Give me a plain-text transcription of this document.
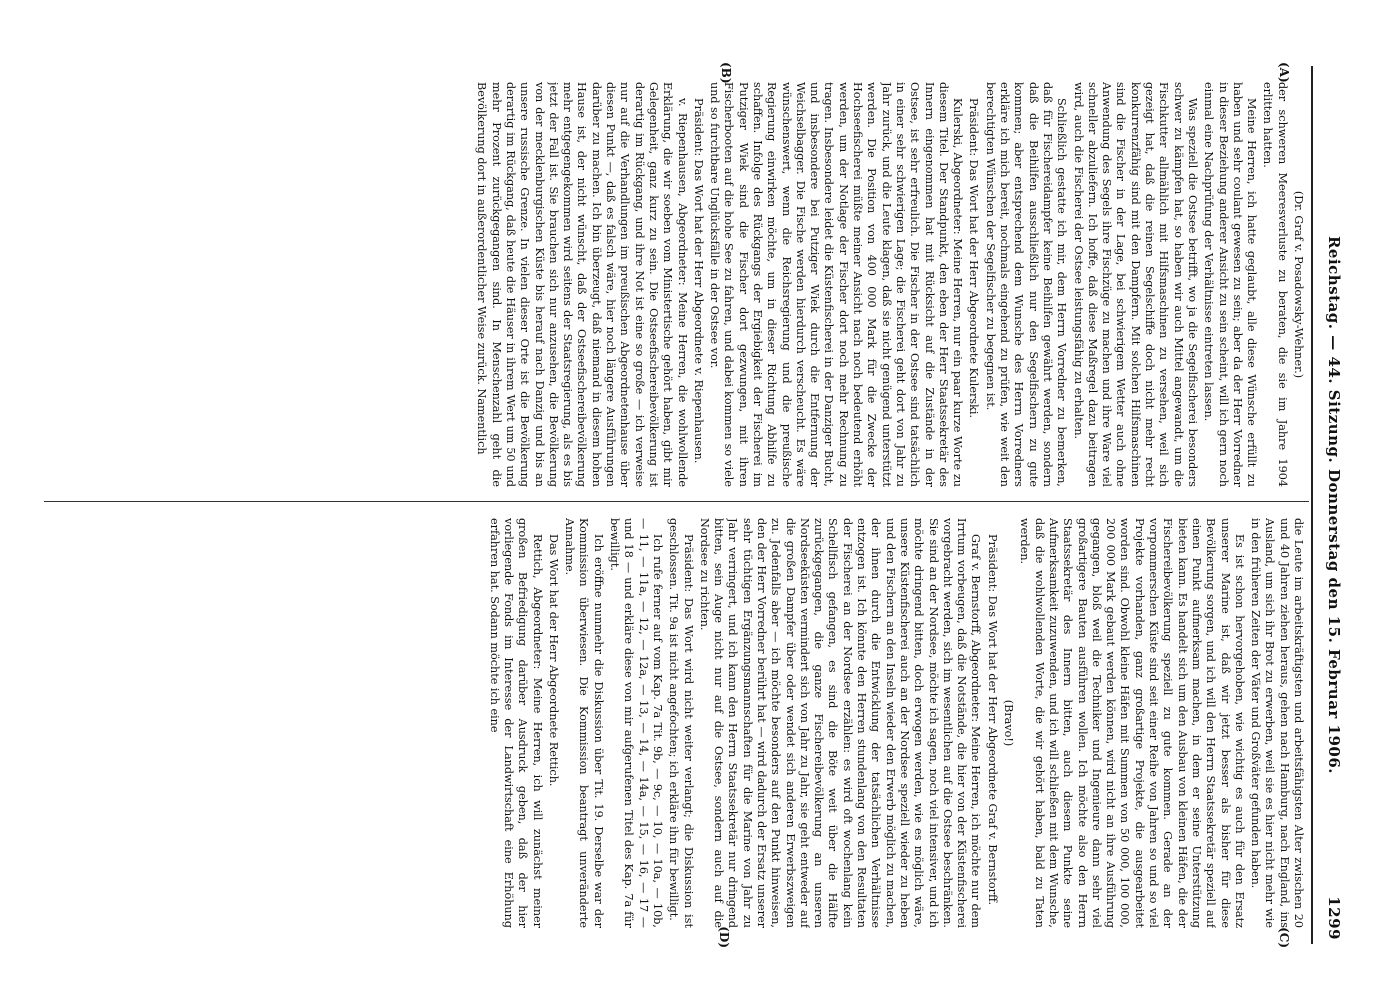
Reichstag. — 44. Sitzung. Donnerstag den 15. Februar 1906.
1299
(A)
(B)
(C)
(D)

(Dr. Graf v. Posadowsky-Wehner.)

der schweren Meeresverluste zu beraten, die sie im Jahre 1904 erlitten hatten.

Meine Herren, ich hatte geglaubt, alle diese Wünsche erfüllt zu haben und sehr coulant gewesen zu sein; aber da der Herr Vorredner in dieser Beziehung anderer Ansicht zu sein scheint, will ich gern noch einmal eine Nachprüfung der Verhältnisse eintreten lassen.

Was speziell die Ostsee betrifft, wo ja die Segelfischerei besonders schwer zu kämpfen hat, so haben wir auch Mittel angewandt, um die Fischkutter allmählich mit Hilfsmaschinen zu versehen, weil sich gezeigt hat, daß die reinen Segelschiffe doch nicht mehr recht konkurrenzfähig sind mit den Dampfern. Mit solchen Hilfsmaschinen sind die Fischer in der Lage, bei schwierigem Wetter auch ohne Anwendung des Segels ihre Fischzüge zu machen und ihre Ware viel schneller abzuliefern. Ich hoffe, daß diese Maßregel dazu beitragen wird, auch die Fischerei der Ostsee leistungsfähig zu erhalten.

Schließlich gestatte ich mir, dem Herrn Vorredner zu bemerken, daß für Fischereidampfer keine Beihilfen gewährt werden, sondern daß die Beihilfen ausschließlich nur den Segelfischern zu gute kommen; aber entsprechend dem Wunsche des Herrn Vorredners erkläre ich mich bereit, nochmals eingehend zu prüfen, wie weit den berechtigten Wünschen der Segelfischer zu begegnen ist.

Präsident: Das Wort hat der Herr Abgeordnete Kulerski.

Kulerski, Abgeordneter: Meine Herren, nur ein paar kurze Worte zu diesem Titel. Der Standpunkt, den eben der Herr Staatssekretär des Innern eingenommen hat mit Rücksicht auf die Zustände in der Ostsee, ist sehr erfreulich. Die Fischer in der Ostsee sind tatsächlich in einer sehr schwierigen Lage; die Fischerei geht dort von Jahr zu Jahr zurück, und die Leute klagen, daß sie nicht genügend unterstützt werden. Die Position von 400 000 Mark für die Zwecke der Hochseefischerei müßte meiner Ansicht nach noch bedeutend erhöht werden, um der Notlage der Fischer dort noch mehr Rechnung zu tragen. Insbesondere leidet die Küstenfischerei in der Danziger Bucht, und insbesondere bei Putziger Wiek durch die Entfernung der Weichselbagger. Die Fische werden hierdurch verscheucht. Es wäre wünschenswert, wenn die Reichsregierung und die preußische Regierung einwirken möchte, um in dieser Richtung Abhilfe zu schaffen. Infolge des Rückgangs der Ergiebigkeit der Fischerei im Putziger Wiek sind die Fischer dort gezwungen, mit ihren Fischerbooten auf die hohe See zu fahren, und dabei kommen so viele und so furchtbare Unglücksfälle in der Ostsee vor.

Präsident: Das Wort hat der Herr Abgeordnete v. Riepenhausen.

v. Riepenhausen, Abgeordneter: Meine Herren, die wohlwollende Erklärung, die wir soeben vom Ministertische gehört haben, gibt mir Gelegenheit, ganz kurz zu sein. Die Ostseefischereibevölkerung ist derartig im Rückgang, und ihre Not ist eine so große — ich verweise nur auf die Verhandlungen im preußischen Abgeordnetenhause über diesen Punkt —, daß es falsch wäre, hier noch längere Ausführungen darüber zu machen. Ich bin überzeugt, daß niemand in diesem hohen Hause ist, der nicht wünscht, daß der Ostseefischereibevölkerung mehr entgegengekommen wird seitens der Staatsregierung, als es bis jetzt der Fall ist. Sie brauchen sich nur anzusehen, die Bevölkerung von der mecklenburgischen Küste bis herauf nach Danzig und bis an unsere russische Grenze. In vielen dieser Orte ist die Bevölkerung derartig im Rückgang, daß heute die Häuser in ihrem Wert um 50 und mehr Prozent zurückgegangen sind. In Menschenzahl geht die Bevölkerung dort in außerordentlicher Weise zurück. Namentlich

die Leute im arbeitskräftigsten und arbeitsfähigsten Alter zwischen 20 und 40 Jahren ziehen heraus, gehen nach Hamburg, nach England, ins Ausland, um sich ihr Brot zu erwerben, weil sie es hier nicht mehr wie in den früheren Zeiten der Väter und Großväter gefunden haben.

Es ist schon hervorgehoben, wie wichtig es auch für den Ersatz unserer Marine ist, daß wir jetzt besser als bisher für diese Bevölkerung sorgen, und ich will den Herrn Staatssekretär speziell auf einen Punkt aufmerksam machen, in dem er seine Unterstützung bieten kann. Es handelt sich um den Ausbau von kleinen Häfen, die der Fischereibevölkerung speziell zu gute kommen. Gerade an der vorpommerschen Küste sind seit einer Reihe von Jahren so und so viel Projekte vorhanden, ganz großartige Projekte, die ausgearbeitet worden sind. Obwohl kleine Häfen mit Summen von 50 000, 100 000, 200 000 Mark gebaut werden können, wird nicht an ihre Ausführung gegangen, bloß weil die Techniker und Ingenieure dann sehr viel großartigere Bauten ausführen wollen. Ich möchte also den Herrn Staatssekretär des Innern bitten, auch diesem Punkte seine Aufmerksamkeit zuzuwenden, und ich will schließen mit dem Wunsche, daß die wohlwollenden Worte, die wir gehört haben, bald zu Taten werden.

(Bravo!)

Präsident: Das Wort hat der Herr Abgeordnete Graf v. Bernstorff.

Graf v. Bernstorff, Abgeordneter: Meine Herren, ich möchte nur dem Irrtum vorbeugen, daß die Notstände, die hier von der Küstenfischerei vorgebracht werden, sich im wesentlichen auf die Ostsee beschränken. Sie sind an der Nordsee, möchte ich sagen, noch viel intensiver, und ich möchte dringend bitten, doch erwogen werden, wie es möglich wäre, unsere Küstenfischerei auch an der Nordsee speziell wieder zu heben und den Fischern an den Inseln wieder den Erwerb möglich zu machen, der ihnen durch die Entwicklung der tatsächlichen Verhältnisse entzogen ist. Ich könnte den Herren stundenlang von den Resultaten der Fischerei an der Nordsee erzählen: es wird oft wochenlang kein Schellfisch gefangen, es sind die Böte weit über die Hälfte zurückgegangen, die ganze Fischereibevölkerung an unseren Nordseeküsten vermindert sich von Jahr zu Jahr, sie geht entweder auf die großen Dampfer über oder wendet sich anderen Erwerbszweigen zu. Jedenfalls aber — ich möchte besonders auf den Punkt hinweisen, den der Herr Vorredner berührt hat — wird dadurch der Ersatz unserer sehr tüchtigen Ergänzungsmannschaften für die Marine von Jahr zu Jahr verringert, und ich kann den Herrn Staatssekretär nur dringend bitten, sein Auge nicht nur auf die Ostsee, sondern auch auf die Nordsee zu richten.

Präsident: Das Wort wird nicht weiter verlangt; die Diskussion ist geschlossen. Tit. 9a ist nicht angefochten; ich erkläre ihn für bewilligt.

Ich rufe ferner auf vom Kap. 7a Tit. 9b, — 9c, — 10, — 10a, — 10b, — 11, — 11a, — 12, — 12a, — 13, — 14, — 14a, — 15, — 16, — 17 — und 18 — und erkläre diese von mir aufgerufenen Titel des Kap. 7a für bewilligt.

Ich eröffne nunmehr die Diskussion über Tit. 19. Derselbe war der Kommission überwiesen. Die Kommission beantragt unveränderte Annahme.

Das Wort hat der Herr Abgeordnete Rettich.

Rettich, Abgeordneter: Meine Herren, ich will zunächst meiner großen Befriedigung darüber Ausdruck geben, daß der hier vorliegende Fonds im Interesse der Landwirtschaft eine Erhöhung erfahren hat. Sodann möchte ich eine
